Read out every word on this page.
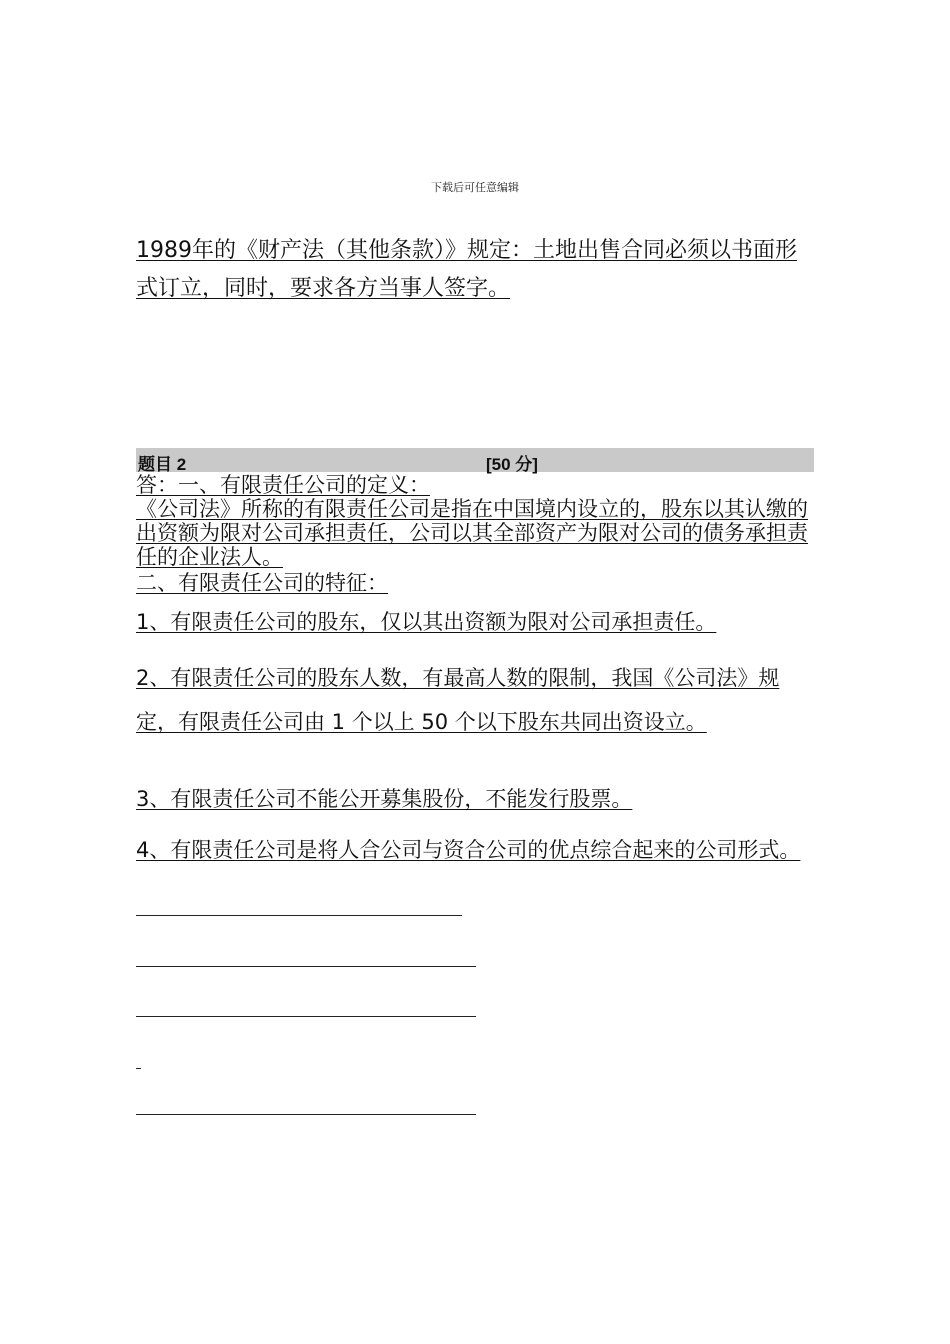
下载后可任意编辑

1989年的《财产法（其他条款）》规定：土地出售合同必须以书面形式订立，同时，要求各方当事人签字。

题目 2	[50 分]

答：一、有限责任公司的定义：

《公司法》所称的有限责任公司是指在中国境内设立的，股东以其认缴的出资额为限对公司承担责任，公司以其全部资产为限对公司的债务承担责任的企业法人。

二、有限责任公司的特征：

1、有限责任公司的股东，仅以其出资额为限对公司承担责任。

2、有限责任公司的股东人数，有最高人数的限制，我国《公司法》规定，有限责任公司由 1 个以上 50 个以下股东共同出资设立。

3、有限责任公司不能公开募集股份，不能发行股票。

4、有限责任公司是将人合公司与资合公司的优点综合起来的公司形式。
